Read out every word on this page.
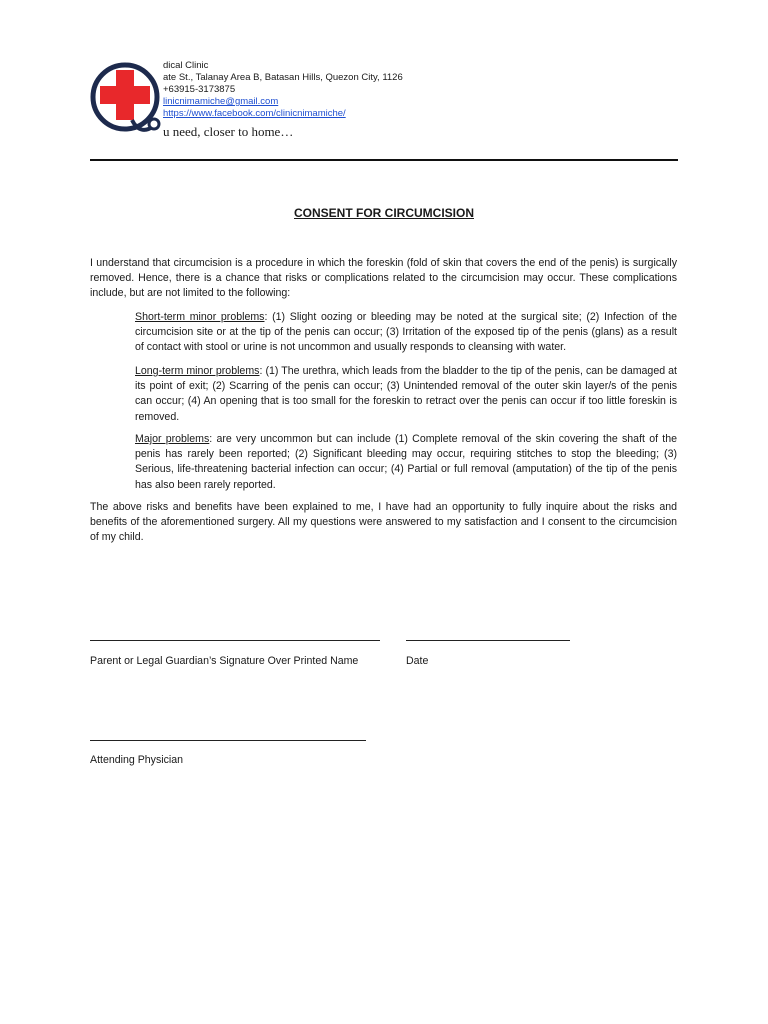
dical Clinic
ate St., Talanay Area B, Batasan Hills, Quezon City, 1126
+63915-3173875
linicnimamiche@gmail.com
https://www.facebook.com/clinicnimamiche/
u need, closer to home…
CONSENT FOR CIRCUMCISION
I understand that circumcision is a procedure in which the foreskin (fold of skin that covers the end of the penis) is surgically removed. Hence, there is a chance that risks or complications related to the circumcision may occur. These complications include, but are not limited to the following:
Short-term minor problems: (1) Slight oozing or bleeding may be noted at the surgical site; (2) Infection of the circumcision site or at the tip of the penis can occur; (3) Irritation of the exposed tip of the penis (glans) as a result of contact with stool or urine is not uncommon and usually responds to cleansing with water.
Long-term minor problems: (1) The urethra, which leads from the bladder to the tip of the penis, can be damaged at its point of exit; (2) Scarring of the penis can occur; (3) Unintended removal of the outer skin layer/s of the penis can occur; (4) An opening that is too small for the foreskin to retract over the penis can occur if too little foreskin is removed.
Major problems: are very uncommon but can include (1) Complete removal of the skin covering the shaft of the penis has rarely been reported; (2) Significant bleeding may occur, requiring stitches to stop the bleeding; (3) Serious, life-threatening bacterial infection can occur; (4) Partial or full removal (amputation) of the tip of the penis has also been rarely reported.
The above risks and benefits have been explained to me, I have had an opportunity to fully inquire about the risks and benefits of the aforementioned surgery. All my questions were answered to my satisfaction and I consent to the circumcision of my child.
Parent or Legal Guardian’s Signature Over Printed Name	Date
Attending Physician
